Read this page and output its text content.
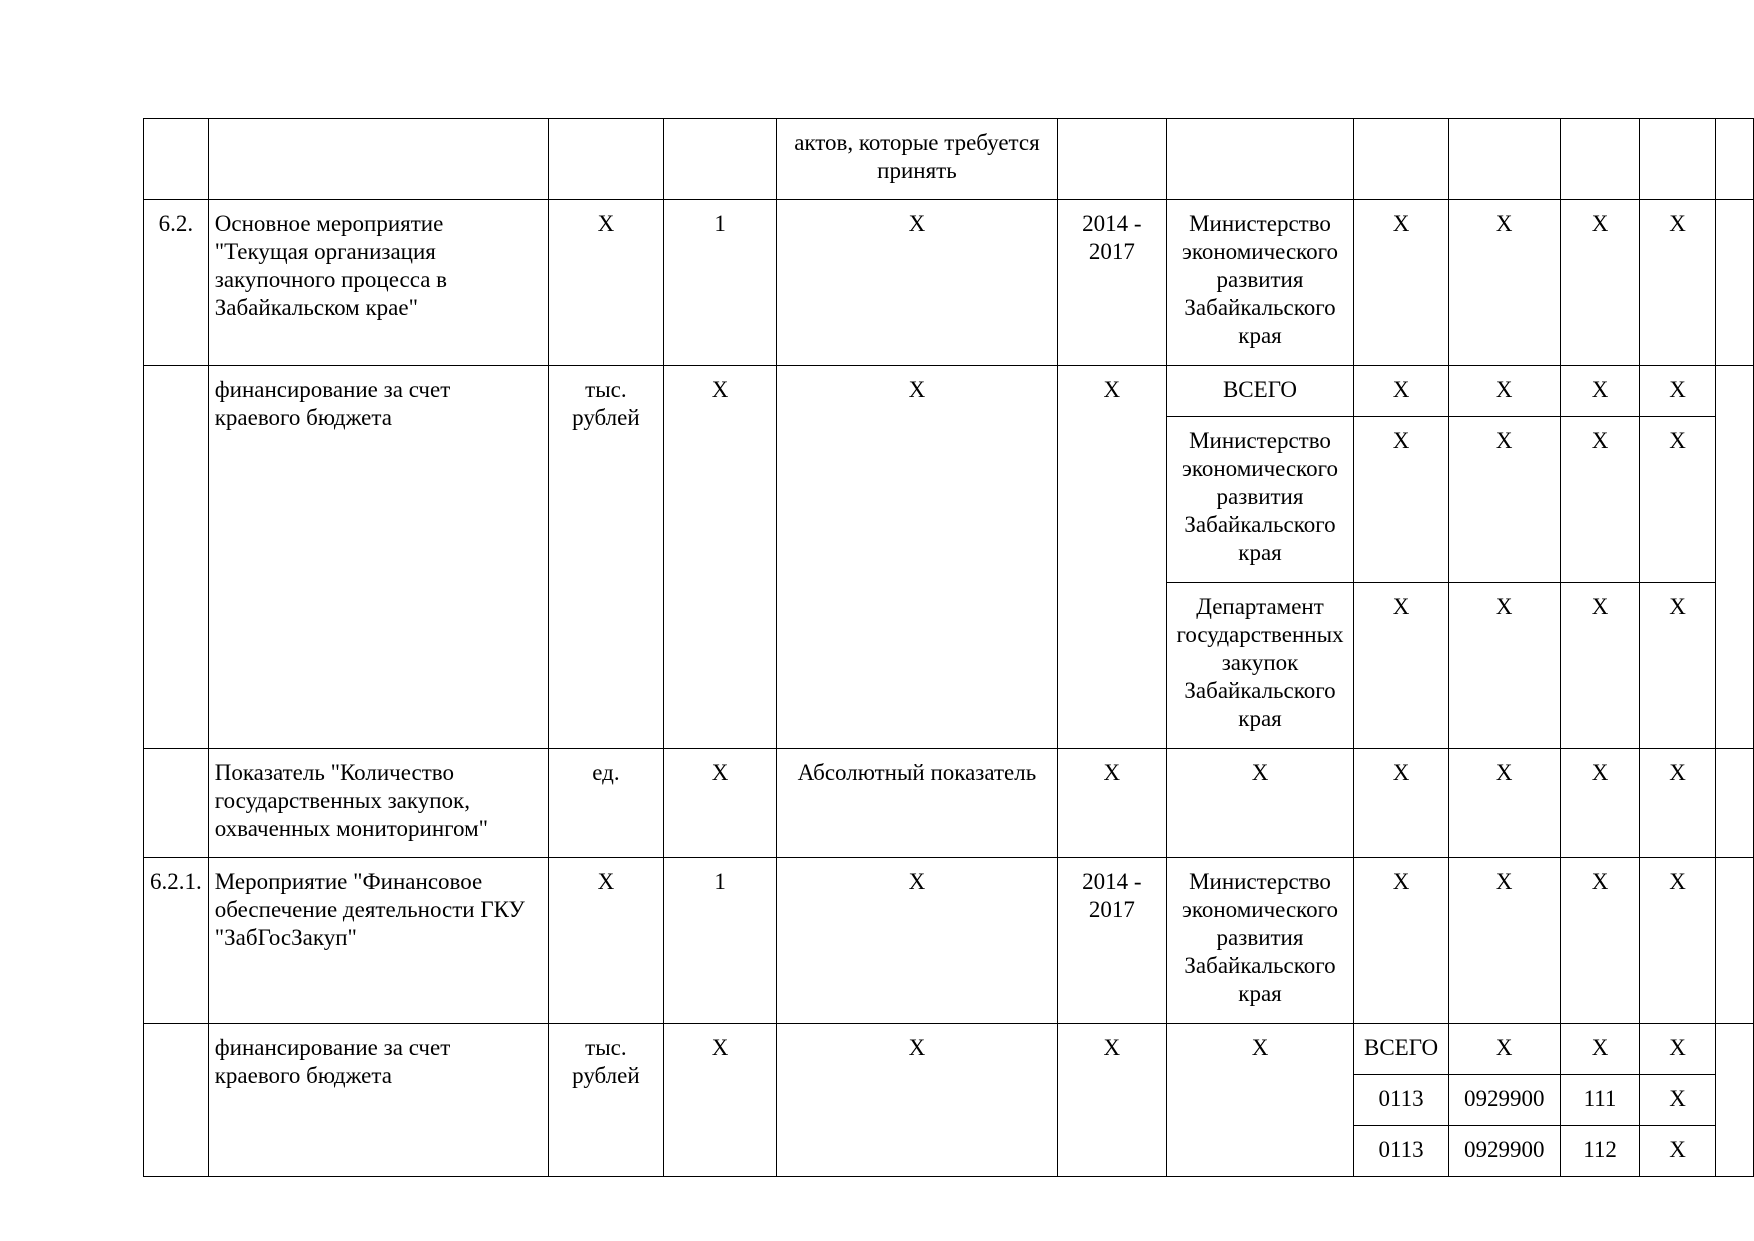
				актов, которые требуется принять							
6.2.	Основное мероприятие "Текущая организация закупочного процесса в Забайкальском крае"	X	1	X	2014 - 2017	Министерство экономического развития Забайкальского края	X	X	X	X	
	финансирование за счет краевого бюджета	тыс. рублей	X	X	X	ВСЕГО	X	X	X	X	
						Министерство экономического развития Забайкальского края	X	X	X	X	
						Департамент государственных закупок Забайкальского края	X	X	X	X	
	Показатель "Количество государственных закупок, охваченных мониторингом"	ед.	X	Абсолютный показатель	X	X	X	X	X	X	
6.2.1.	Мероприятие "Финансовое обеспечение деятельности ГКУ "ЗабГосЗакуп"	X	1	X	2014 - 2017	Министерство экономического развития Забайкальского края	X	X	X	X	
	финансирование за счет краевого бюджета	тыс. рублей	X	X	X	X	ВСЕГО	X	X	X	
							0113	0929900	111	X	
							0113	0929900	112	X	
